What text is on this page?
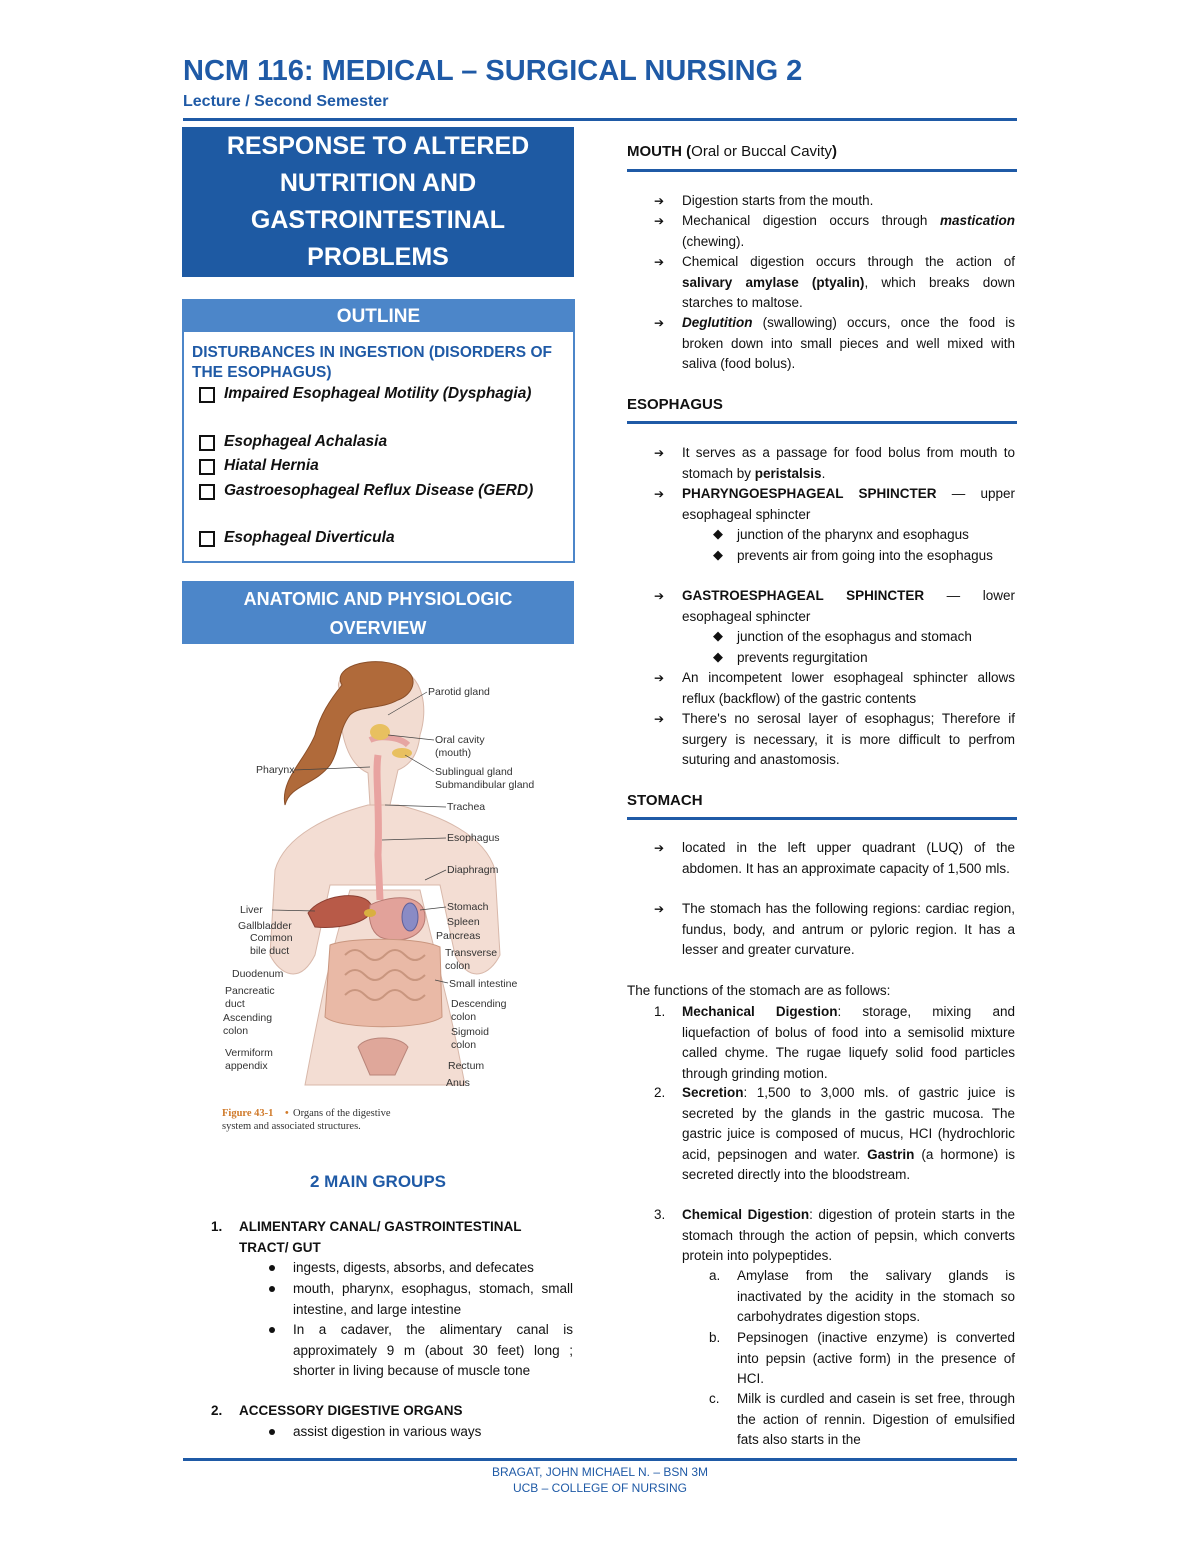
NCM 116: MEDICAL – SURGICAL NURSING 2
Lecture / Second Semester
RESPONSE TO ALTERED
NUTRITION AND
GASTROINTESTINAL
PROBLEMS
OUTLINE
DISTURBANCES IN INGESTION (DISORDERS OF THE ESOPHAGUS)
Impaired Esophageal Motility (Dysphagia)
Esophageal Achalasia
Hiatal Hernia
Gastroesophageal Reflux Disease (GERD)
Esophageal Diverticula
ANATOMIC AND PHYSIOLOGIC
OVERVIEW
Pharynx
Liver
Gallbladder
Common
bile duct
Duodenum
Pancreatic
duct
Ascending
colon
Vermiform
appendix
Parotid gland
Oral cavity
(mouth)
Sublingual gland
Submandibular gland
Trachea
Esophagus
Diaphragm
Stomach
Spleen
Pancreas
Transverse
colon
Small intestine
Descending
colon
Sigmoid
colon
Rectum
Anus
Figure 43-1 • Organs of the digestive
system and associated structures.
2 MAIN GROUPS
1. ALIMENTARY CANAL/ GASTROINTESTINAL
TRACT/ GUT
ingests, digests, absorbs, and defecates
mouth, pharynx, esophagus, stomach, small intestine, and large intestine
In a cadaver, the alimentary canal is approximately 9 m (about 30 feet) long ; shorter in living because of muscle tone
2. ACCESSORY DIGESTIVE ORGANS
assist digestion in various ways
MOUTH (Oral or Buccal Cavity)
➔ Digestion starts from the mouth.
➔ Mechanical digestion occurs through mastication (chewing).
➔ Chemical digestion occurs through the action of salivary amylase (ptyalin), which breaks down starches to maltose.
➔ Deglutition (swallowing) occurs, once the food is broken down into small pieces and well mixed with saliva (food bolus).
ESOPHAGUS
➔ It serves as a passage for food bolus from mouth to stomach by peristalsis.
➔ PHARYNGOESPHAGEAL SPHINCTER — upper esophageal sphincter
◆ junction of the pharynx and esophagus
◆ prevents air from going into the esophagus
➔ GASTROESPHAGEAL SPHINCTER — lower esophageal sphincter
◆ junction of the esophagus and stomach
◆ prevents regurgitation
➔ An incompetent lower esophageal sphincter allows reflux (backflow) of the gastric contents
➔ There's no serosal layer of esophagus; Therefore if surgery is necessary, it is more difficult to perfrom suturing and anastomosis.
STOMACH
➔ located in the left upper quadrant (LUQ) of the abdomen. It has an approximate capacity of 1,500 mls.
➔ The stomach has the following regions: cardiac region, fundus, body, and antrum or pyloric region. It has a lesser and greater curvature.
The functions of the stomach are as follows:
1. Mechanical Digestion: storage, mixing and liquefaction of bolus of food into a semisolid mixture called chyme. The rugae liquefy solid food particles through grinding motion.
2. Secretion: 1,500 to 3,000 mls. of gastric juice is secreted by the glands in the gastric mucosa. The gastric juice is composed of mucus, HCI (hydrochloric acid, pepsinogen and water. Gastrin (a hormone) is secreted directly into the bloodstream.
3. Chemical Digestion: digestion of protein starts in the stomach through the action of pepsin, which converts protein into polypeptides.
a. Amylase from the salivary glands is inactivated by the acidity in the stomach so carbohydrates digestion stops.
b. Pepsinogen (inactive enzyme) is converted into pepsin (active form) in the presence of HCI.
c. Milk is curdled and casein is set free, through the action of rennin. Digestion of emulsified fats also starts in the
BRAGAT, JOHN MICHAEL N. – BSN 3M
UCB – COLLEGE OF NURSING
